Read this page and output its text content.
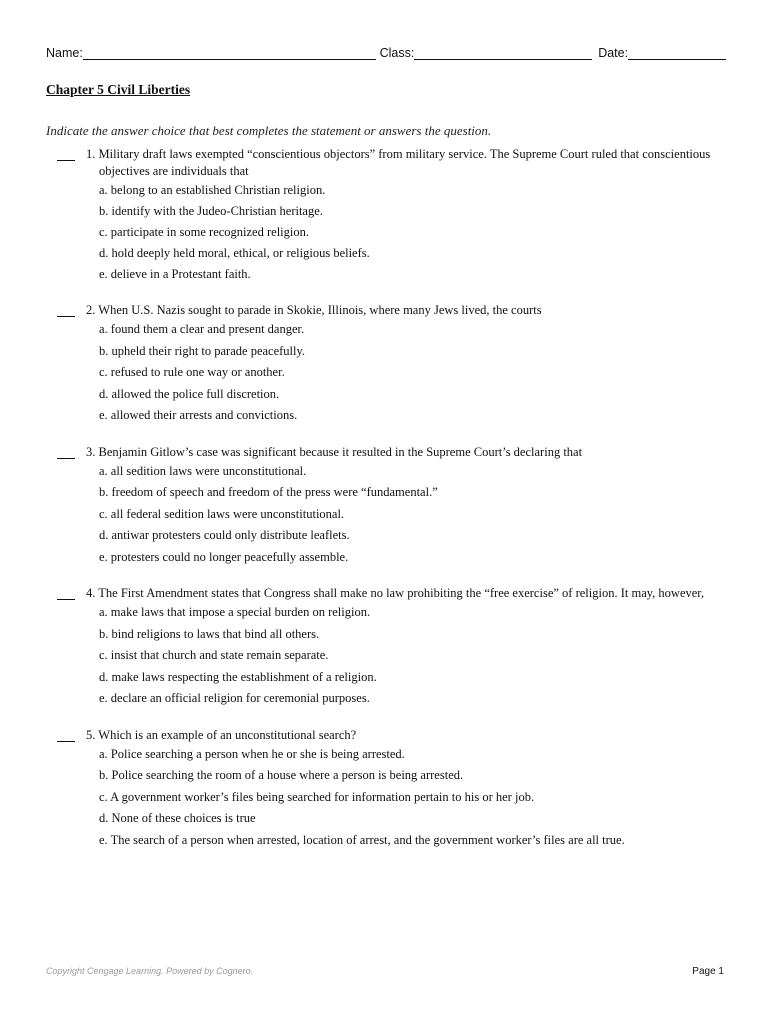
Name:	Class:	Date:
Chapter 5 Civil Liberties
Indicate the answer choice that best completes the statement or answers the question.
1. Military draft laws exempted “conscientious objectors” from military service. The Supreme Court ruled that conscientious objectives are individuals that
a. belong to an established Christian religion.
b. identify with the Judeo-Christian heritage.
c. participate in some recognized religion.
d. hold deeply held moral, ethical, or religious beliefs.
e. delieve in a Protestant faith.
2. When U.S. Nazis sought to parade in Skokie, Illinois, where many Jews lived, the courts
a. found them a clear and present danger.
b. upheld their right to parade peacefully.
c. refused to rule one way or another.
d. allowed the police full discretion.
e. allowed their arrests and convictions.
3. Benjamin Gitlow’s case was significant because it resulted in the Supreme Court’s declaring that
a. all sedition laws were unconstitutional.
b. freedom of speech and freedom of the press were “fundamental.”
c. all federal sedition laws were unconstitutional.
d. antiwar protesters could only distribute leaflets.
e. protesters could no longer peacefully assemble.
4. The First Amendment states that Congress shall make no law prohibiting the “free exercise” of religion. It may, however,
a. make laws that impose a special burden on religion.
b. bind religions to laws that bind all others.
c. insist that church and state remain separate.
d. make laws respecting the establishment of a religion.
e. declare an official religion for ceremonial purposes.
5. Which is an example of an unconstitutional search?
a. Police searching a person when he or she is being arrested.
b. Police searching the room of a house where a person is being arrested.
c. A government worker’s files being searched for information pertain to his or her job.
d. None of these choices is true
e. The search of a person when arrested, location of arrest, and the government worker’s files are all true.
Copyright Cengage Learning. Powered by Cognero.	Page 1
